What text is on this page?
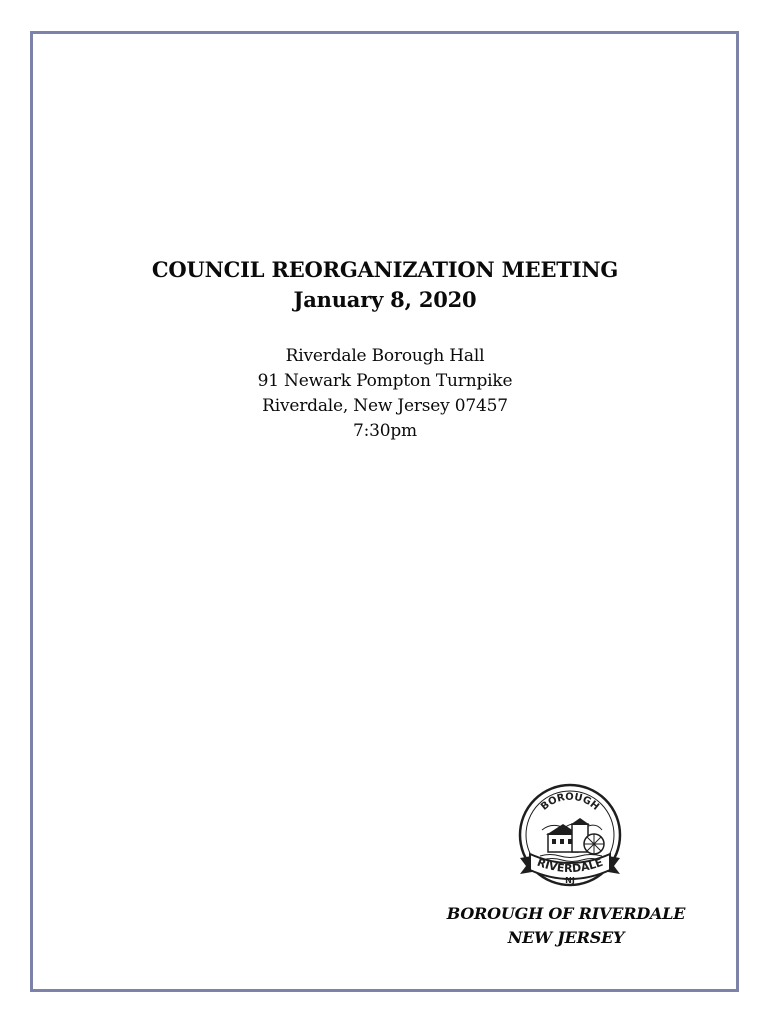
COUNCIL REORGANIZATION MEETING

January 8, 2020

Riverdale Borough Hall

91 Newark Pompton Turnpike

Riverdale, New Jersey 07457

7:30pm

BOROUGH
RIVERDALE
NJ

BOROUGH OF RIVERDALE

NEW JERSEY
